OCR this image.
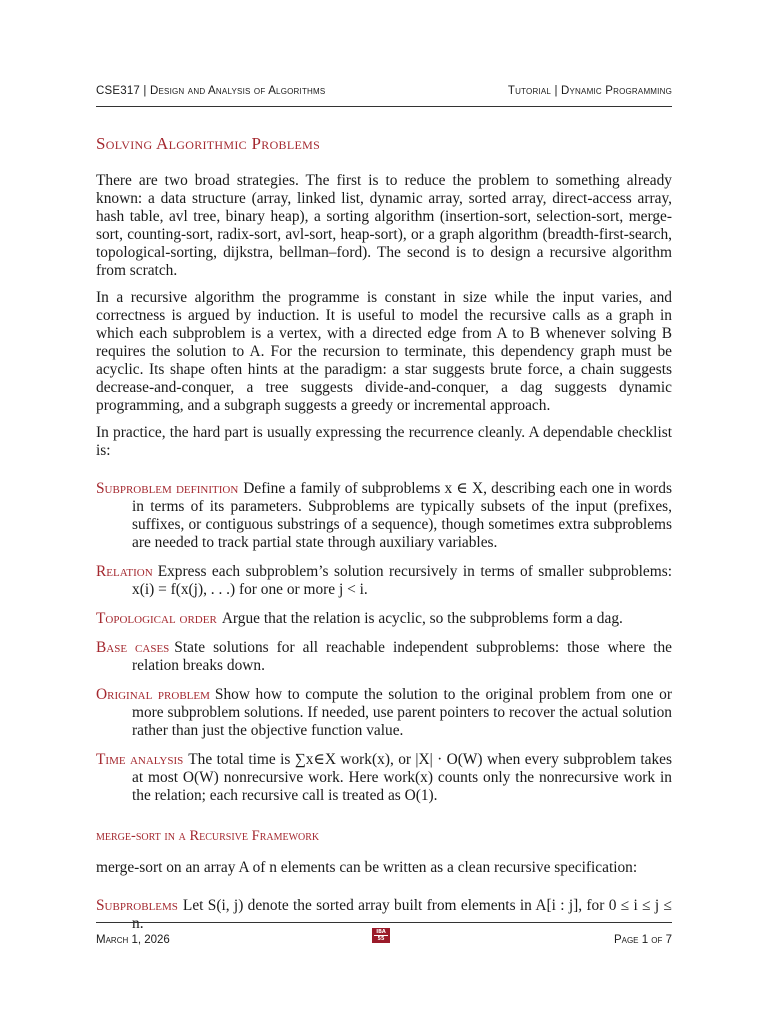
CSE317 | Design and Analysis of Algorithms	Tutorial | Dynamic Programming
Solving Algorithmic Problems

There are two broad strategies. The first is to reduce the problem to something already known: a data structure (array, linked list, dynamic array, sorted array, direct-access array, hash table, avl tree, binary heap), a sorting algorithm (insertion-sort, selection-sort, merge-sort, counting-sort, radix-sort, avl-sort, heap-sort), or a graph algorithm (breadth-first-search, topological-sorting, dijkstra, bellman–ford). The second is to design a recursive algorithm from scratch.

In a recursive algorithm the programme is constant in size while the input varies, and correctness is argued by induction. It is useful to model the recursive calls as a graph in which each subproblem is a vertex, with a directed edge from A to B whenever solving B requires the solution to A. For the recursion to terminate, this dependency graph must be acyclic. Its shape often hints at the paradigm: a star suggests brute force, a chain suggests decrease-and-conquer, a tree suggests divide-and-conquer, a dag suggests dynamic programming, and a subgraph suggests a greedy or incremental approach.

In practice, the hard part is usually expressing the recurrence cleanly. A dependable checklist is:

Subproblem definition Define a family of subproblems x ∈ X, describing each one in words in terms of its parameters. Subproblems are typically subsets of the input (prefixes, suffixes, or contiguous substrings of a sequence), though sometimes extra subproblems are needed to track partial state through auxiliary variables.
Relation Express each subproblem’s solution recursively in terms of smaller subproblems: x(i) = f(x(j), . . .) for one or more j < i.
Topological order Argue that the relation is acyclic, so the subproblems form a dag.
Base cases State solutions for all reachable independent subproblems: those where the relation breaks down.
Original problem Show how to compute the solution to the original problem from one or more subproblem solutions. If needed, use parent pointers to recover the actual solution rather than just the objective function value.
Time analysis The total time is ∑x∈X work(x), or |X| · O(W) when every subproblem takes at most O(W) nonrecursive work. Here work(x) counts only the nonrecursive work in the relation; each recursive call is treated as O(1).
merge-sort in a Recursive Framework

merge-sort on an array A of n elements can be written as a clean recursive specification:

Subproblems Let S(i, j) denote the sorted array built from elements in A[i : j], for 0 ≤ i ≤ j ≤ n.
March 1, 2026	Page 1 of 7
IBA
55
